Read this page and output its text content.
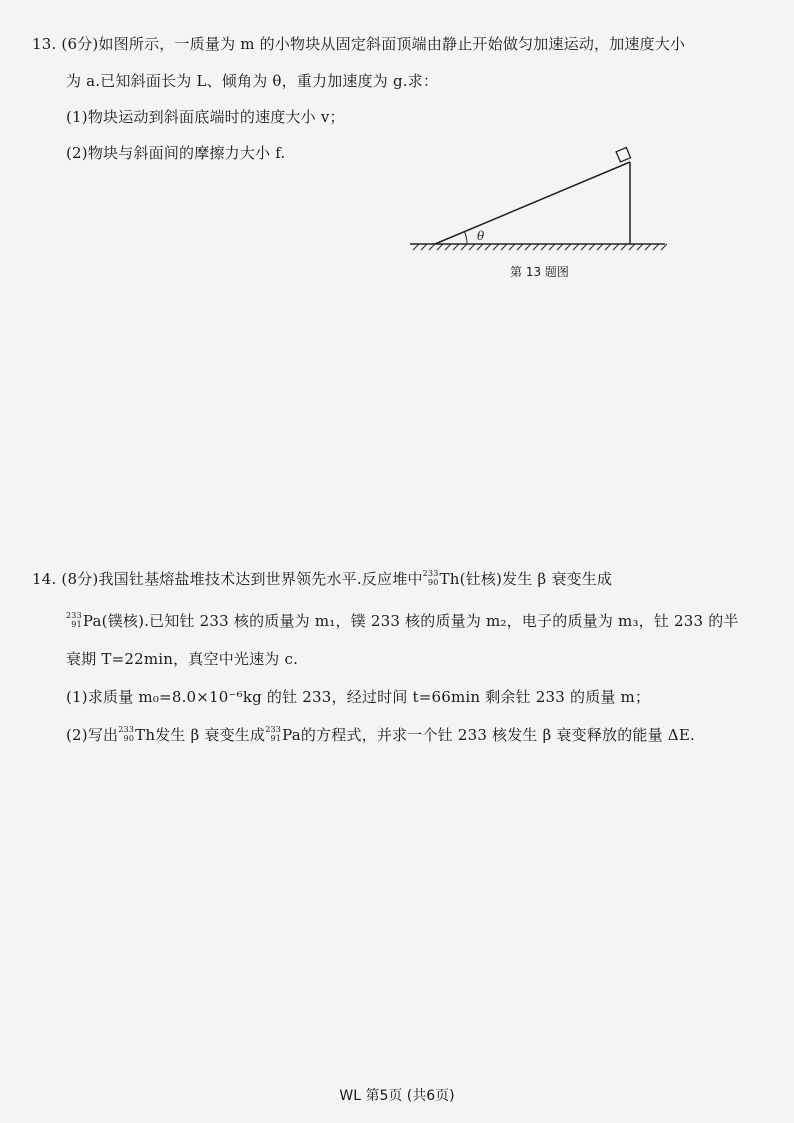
13. (6分)如图所示，一质量为 m 的小物块从固定斜面顶端由静止开始做匀加速运动，加速度大小
为 a.已知斜面长为 L、倾角为 θ，重力加速度为 g.求：
(1)物块运动到斜面底端时的速度大小 v；
(2)物块与斜面间的摩擦力大小 f.
θ
第 13 题图
14. (8分)我国钍基熔盐堆技术达到世界领先水平.反应堆中 233
90 Th(钍核)发生 β 衰变生成
233
91 Pa(镤核).已知钍 233 核的质量为 m₁，镤 233 核的质量为 m₂，电子的质量为 m₃，钍 233 的半
衰期 T=22min，真空中光速为 c.
(1)求质量 m₀=8.0×10⁻⁶kg 的钍 233，经过时间 t=66min 剩余钍 233 的质量 m；
(2)写出 233
90 Th发生 β 衰变生成 233
91 Pa的方程式，并求一个钍 233 核发生 β 衰变释放的能量 ΔE.
WL 第5页 (共6页)
